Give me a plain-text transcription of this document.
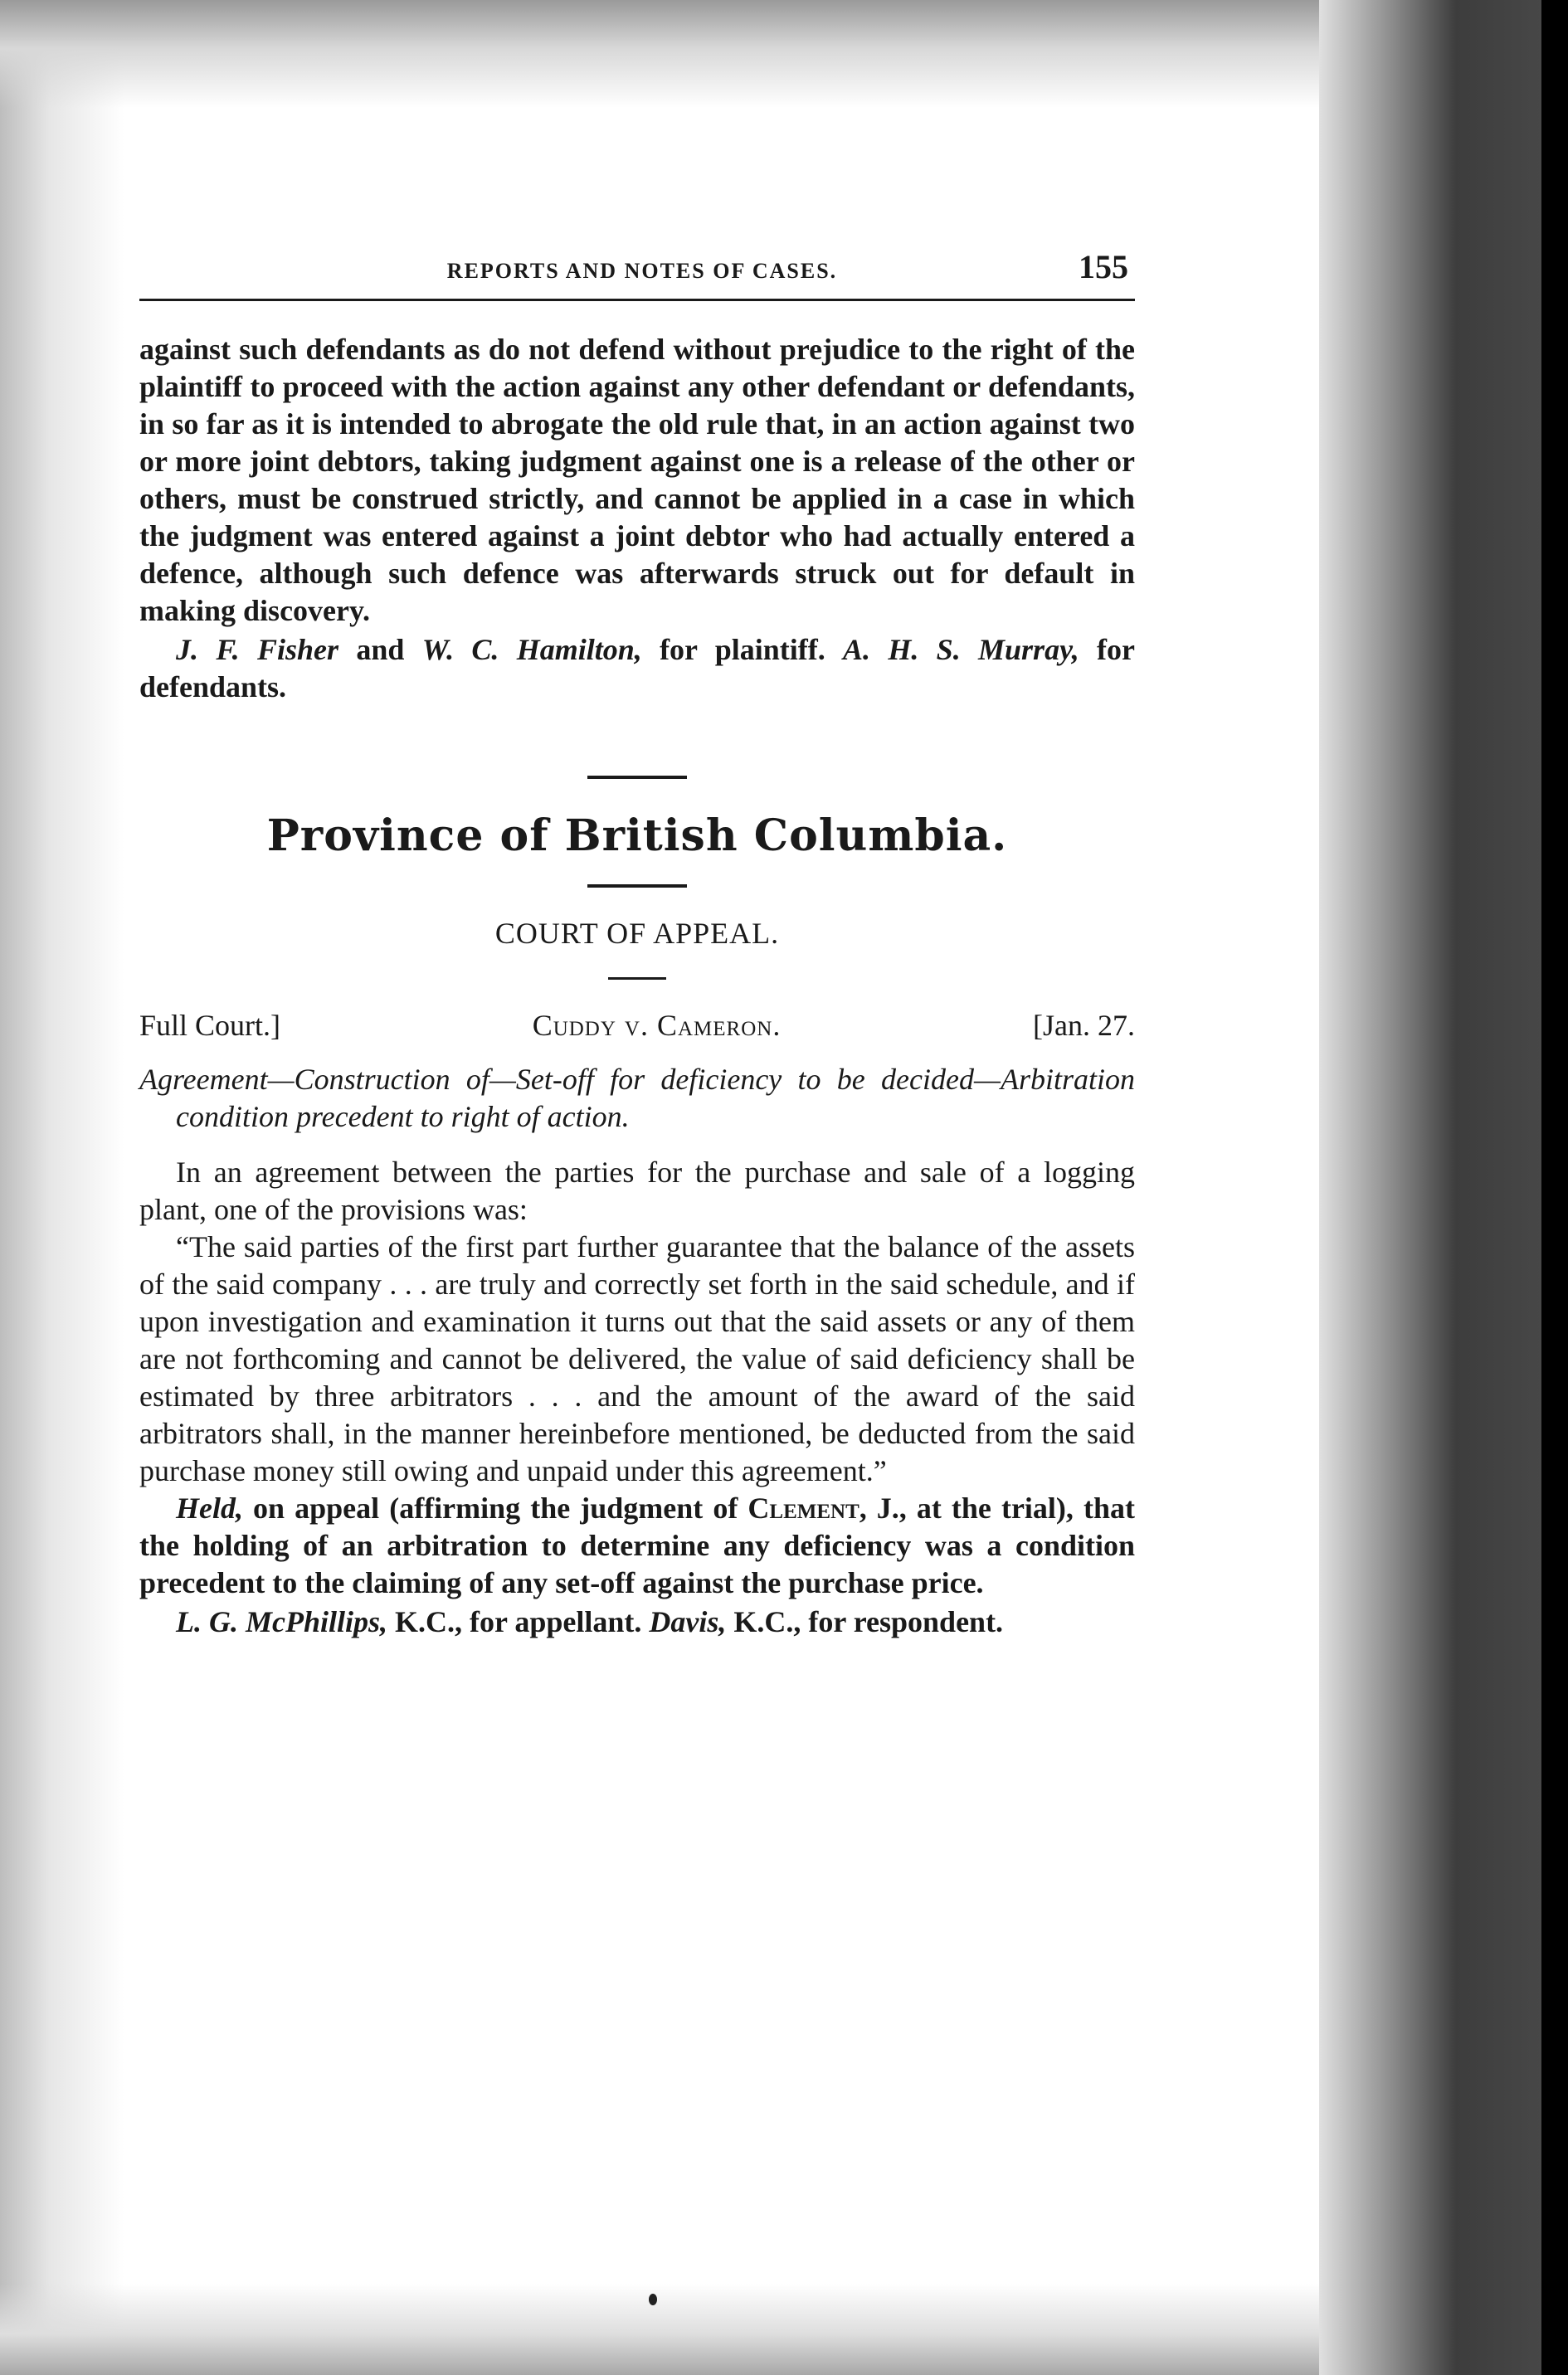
REPORTS AND NOTES OF CASES.	155

against such defendants as do not defend without prejudice to the right of the plaintiff to proceed with the action against any other defendant or defendants, in so far as it is intended to abrogate the old rule that, in an action against two or more joint debtors, taking judgment against one is a release of the other or others, must be construed strictly, and cannot be applied in a case in which the judgment was entered against a joint debtor who had actually entered a defence, although such defence was afterwards struck out for default in making discovery.

J. F. Fisher and W. C. Hamilton, for plaintiff. A. H. S. Murray, for defendants.

Province of British Columbia.
COURT OF APPEAL.
Full Court.]	Cuddy v. Cameron.	[Jan. 27.
Agreement—Construction of—Set-off for deficiency to be decided—Arbitration condition precedent to right of action.

In an agreement between the parties for the purchase and sale of a logging plant, one of the provisions was:

“The said parties of the first part further guarantee that the balance of the assets of the said company . . . are truly and correctly set forth in the said schedule, and if upon investigation and examination it turns out that the said assets or any of them are not forthcoming and cannot be delivered, the value of said deficiency shall be estimated by three arbitrators . . . and the amount of the award of the said arbitrators shall, in the manner hereinbefore mentioned, be deducted from the said purchase money still owing and unpaid under this agreement.”

Held, on appeal (affirming the judgment of Clement, J., at the trial), that the holding of an arbitration to determine any deficiency was a condition precedent to the claiming of any set-off against the purchase price.

L. G. McPhillips, K.C., for appellant. Davis, K.C., for respondent.
